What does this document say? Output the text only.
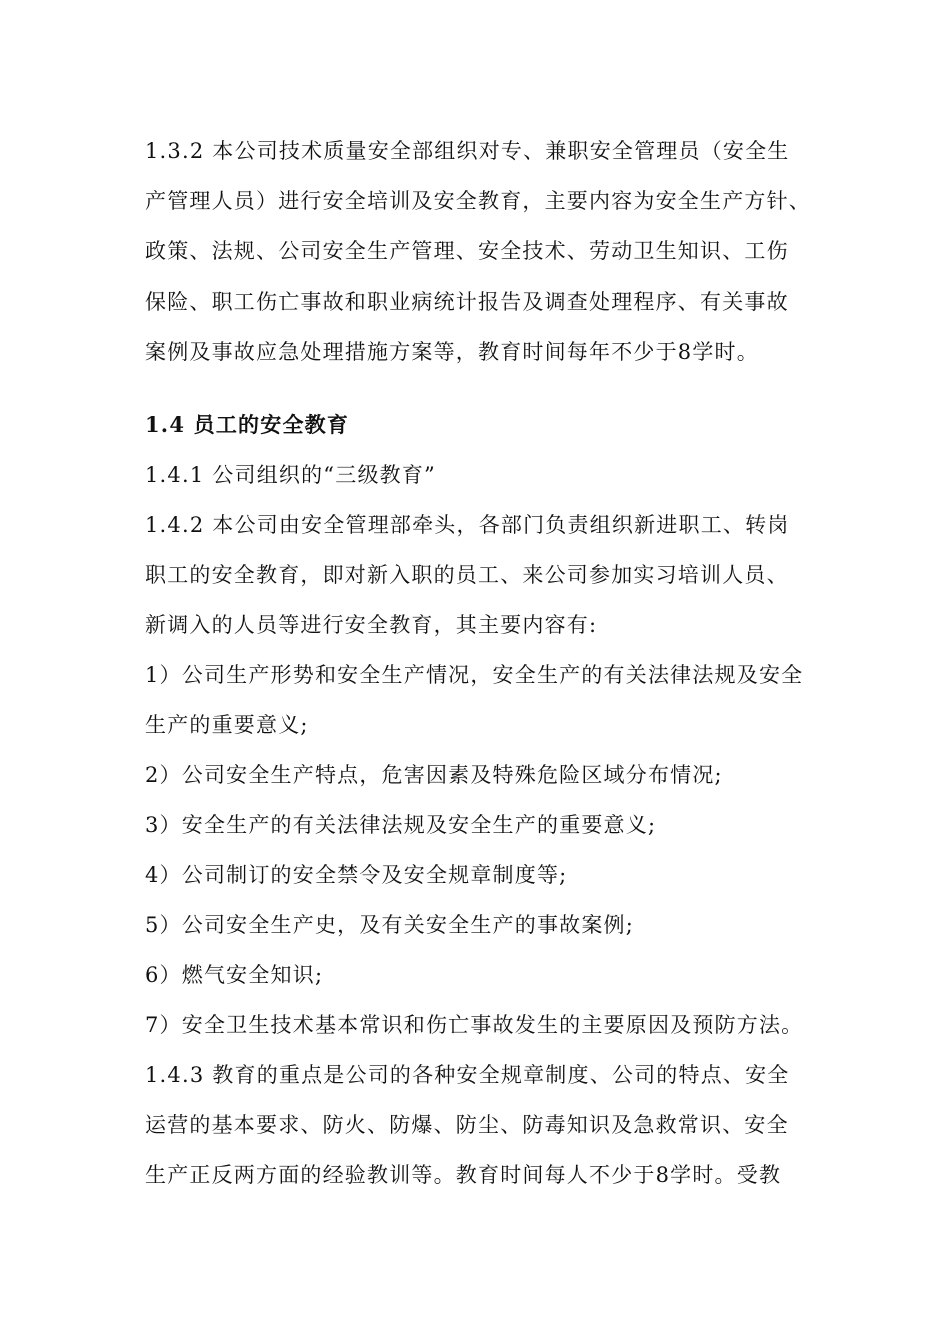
1.3.2 本公司技术质量安全部组织对专、兼职安全管理员（安全生
产管理人员）进行安全培训及安全教育，主要内容为安全生产方针、
政策、法规、公司安全生产管理、安全技术、劳动卫生知识、工伤
保险、职工伤亡事故和职业病统计报告及调查处理程序、有关事故
案例及事故应急处理措施方案等，教育时间每年不少于8学时。
1.4 员工的安全教育
1.4.1 公司组织的“三级教育”
1.4.2 本公司由安全管理部牵头，各部门负责组织新进职工、转岗
职工的安全教育，即对新入职的员工、来公司参加实习培训人员、
新调入的人员等进行安全教育，其主要内容有:
1）公司生产形势和安全生产情况，安全生产的有关法律法规及安全
生产的重要意义;
2）公司安全生产特点，危害因素及特殊危险区域分布情况;
3）安全生产的有关法律法规及安全生产的重要意义;
4）公司制订的安全禁令及安全规章制度等;
5）公司安全生产史，及有关安全生产的事故案例;
6）燃气安全知识;
7）安全卫生技术基本常识和伤亡事故发生的主要原因及预防方法。
1.4.3 教育的重点是公司的各种安全规章制度、公司的特点、安全
运营的基本要求、防火、防爆、防尘、防毒知识及急救常识、安全
生产正反两方面的经验教训等。教育时间每人不少于8学时。受教
